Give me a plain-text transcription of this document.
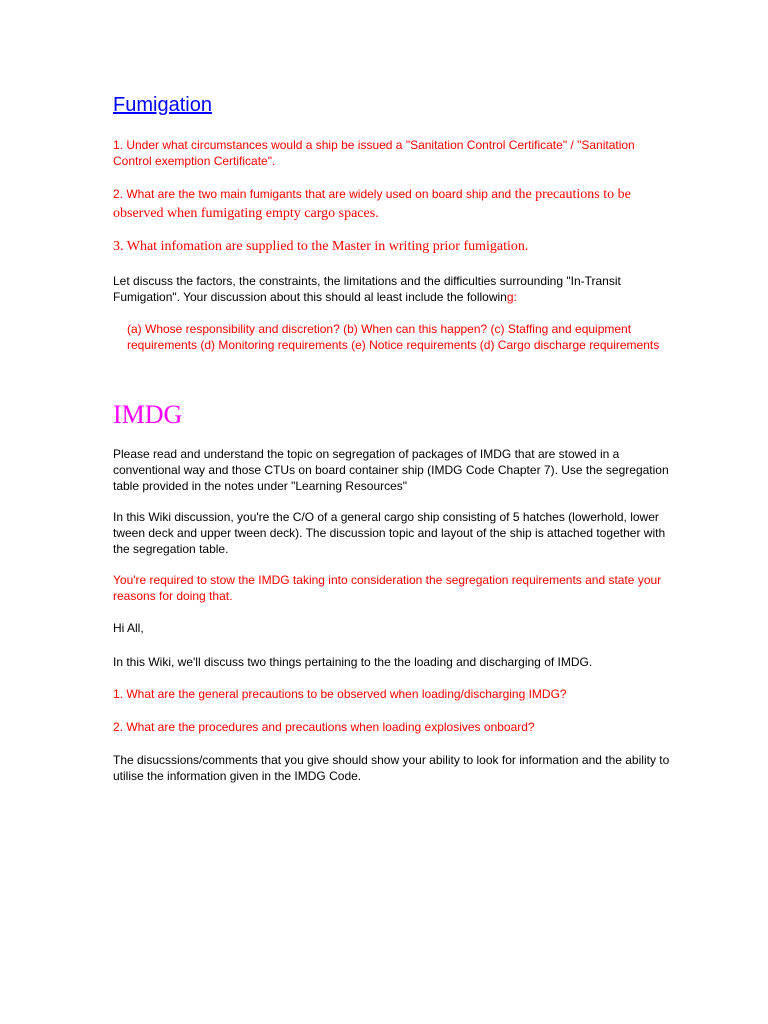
Fumigation

1. Under what circumstances would a ship be issued a "Sanitation Control Certificate" / "Sanitation Control exemption Certificate".

2. What are the two main fumigants that are widely used on board ship and the precautions to be observed when fumigating empty cargo spaces.

3. What infomation are supplied to the Master in writing prior fumigation.

Let discuss the factors, the constraints, the limitations and the difficulties surrounding "In-Transit Fumigation". Your discussion about this should al least include the following:

(a) Whose responsibility and discretion? (b) When can this happen? (c) Staffing and equipment requirements (d) Monitoring requirements (e) Notice requirements (d) Cargo discharge requirements

IMDG

Please read and understand the topic on segregation of packages of IMDG that are stowed in a conventional way and those CTUs on board container ship (IMDG Code Chapter 7). Use the segregation table provided in the notes under "Learning Resources"

In this Wiki discussion, you're the C/O of a general cargo ship consisting of 5 hatches (lowerhold, lower tween deck and upper tween deck). The discussion topic and layout of the ship is attached together with the segregation table.

You're required to stow the IMDG taking into consideration the segregation requirements and state your reasons for doing that.

Hi All,

In this Wiki, we'll discuss two things pertaining to the the loading and discharging of IMDG.

1. What are the general precautions to be observed when loading/discharging IMDG?

2. What are the procedures and precautions when loading explosives onboard?

The disucssions/comments that you give should show your ability to look for information and the ability to utilise the information given in the IMDG Code.
